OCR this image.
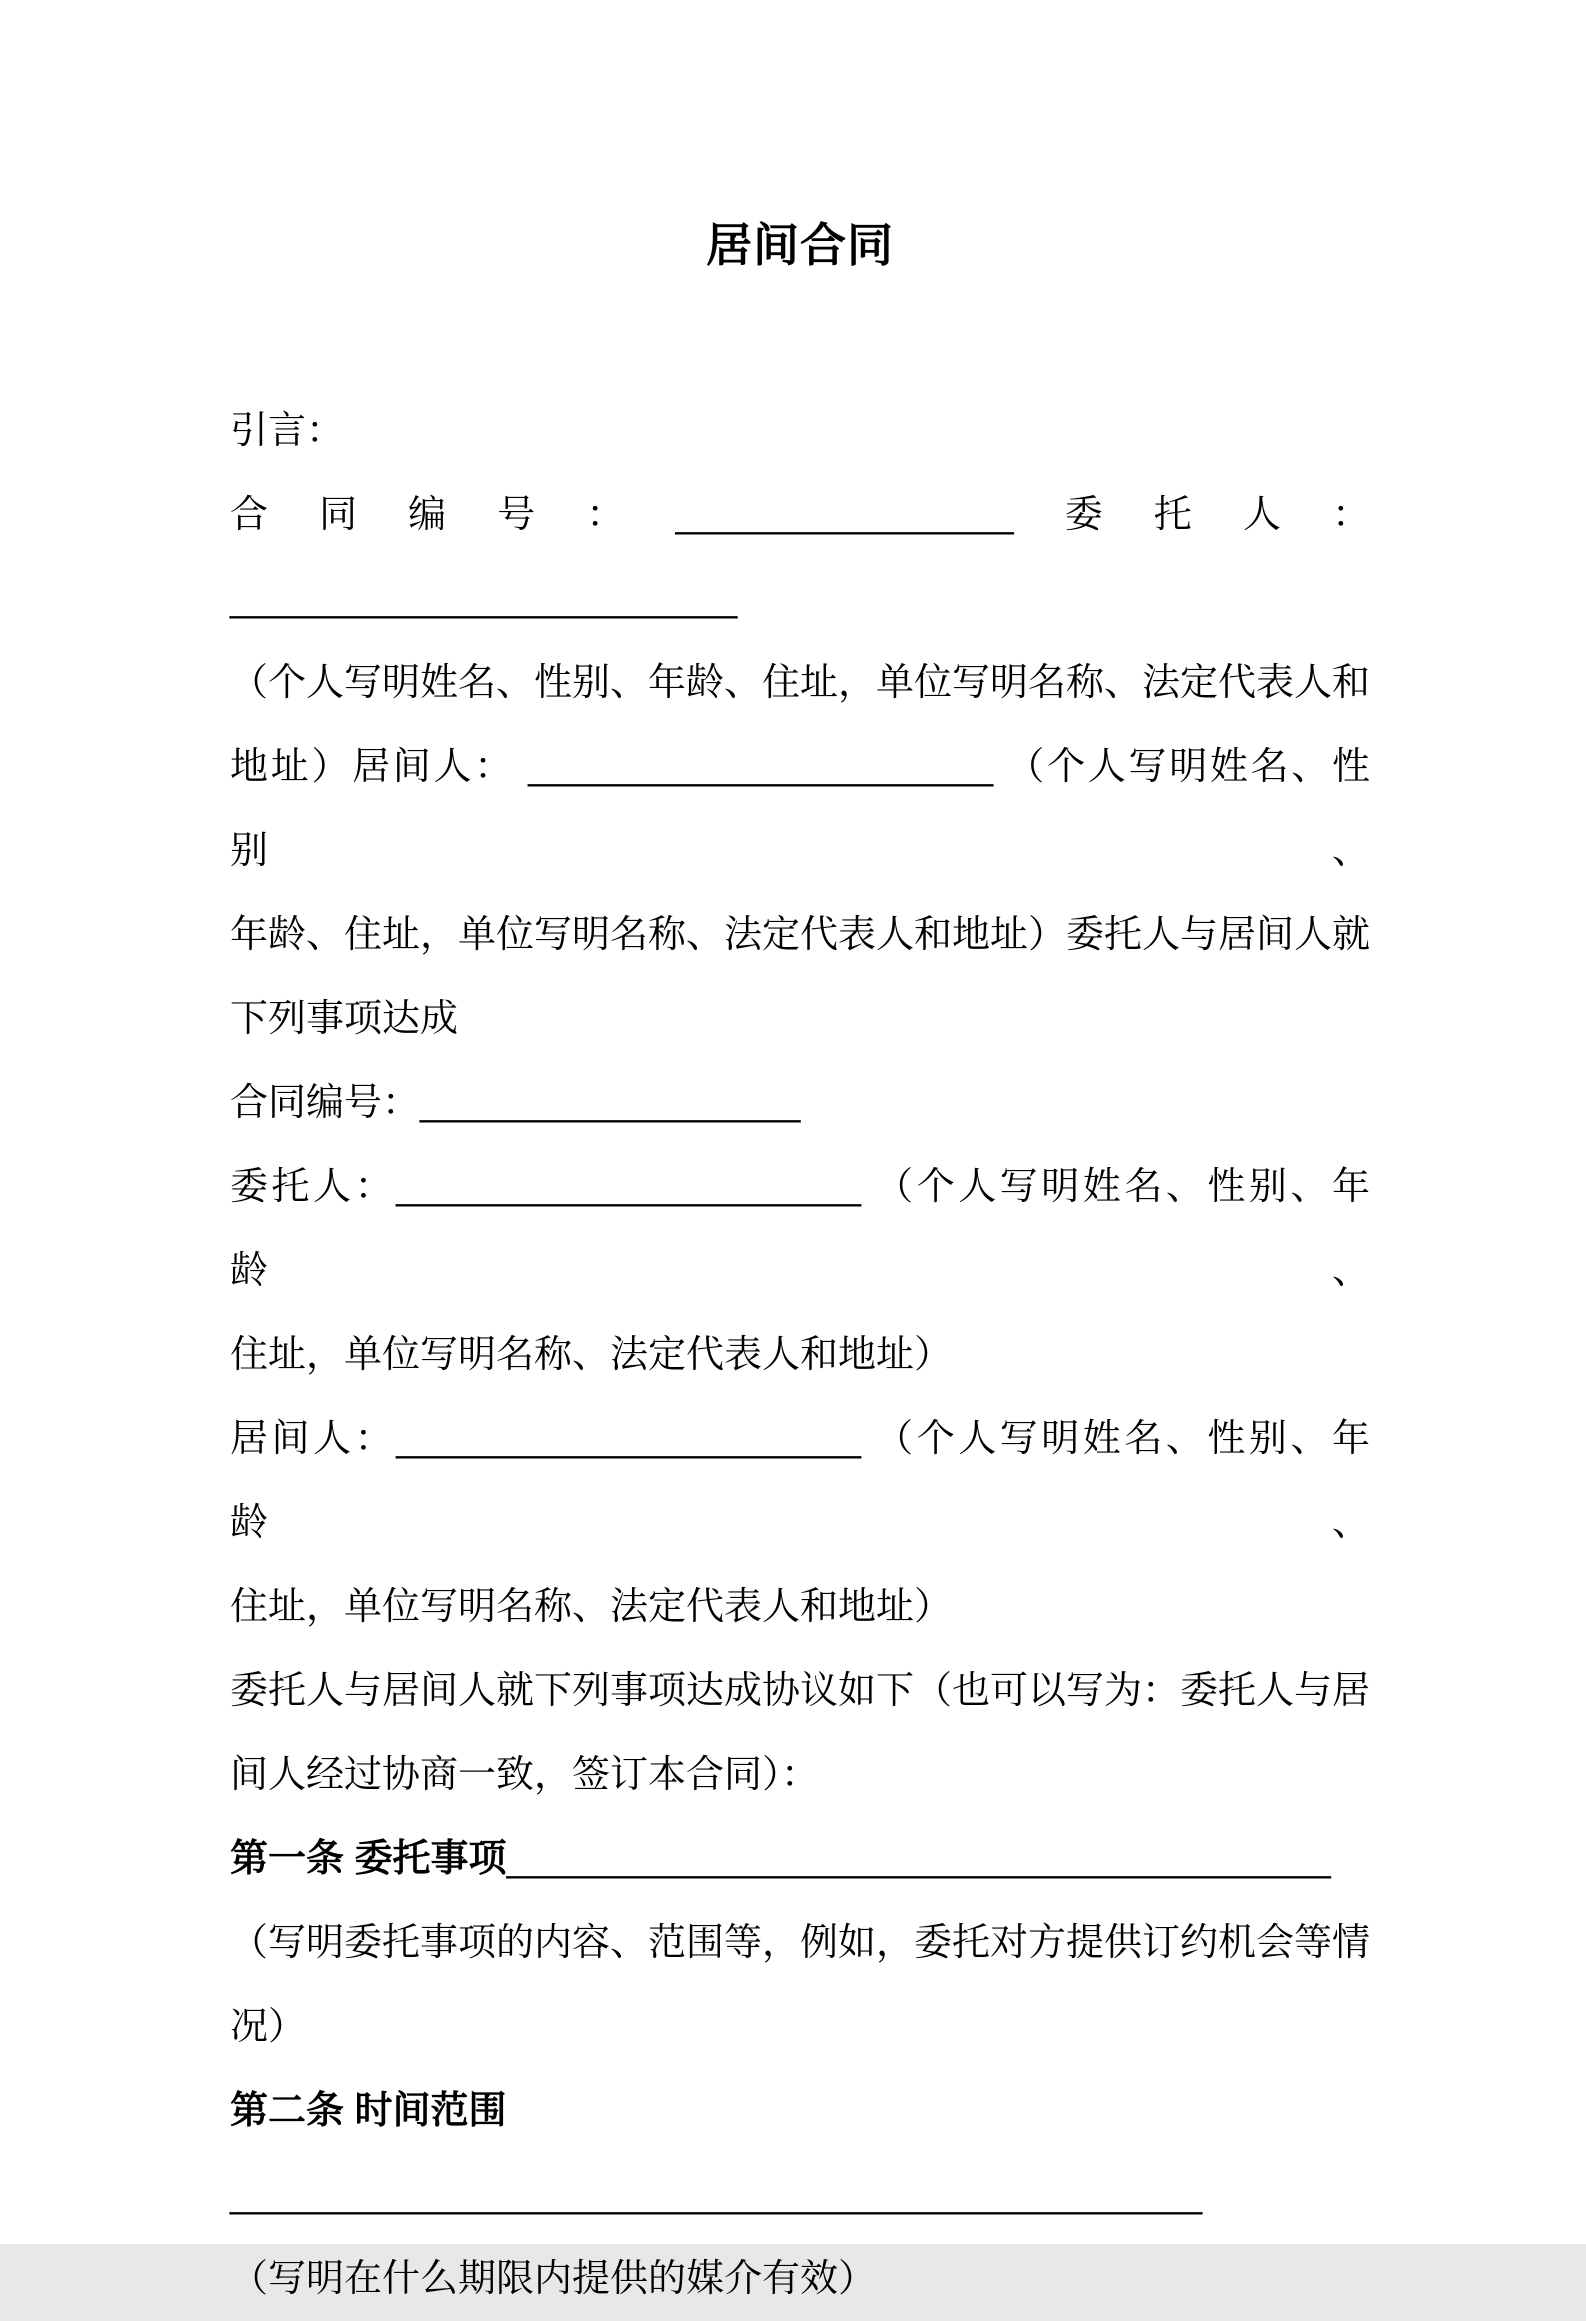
居间合同
引言：
合同编号：________________委托人：________________________
（个人写明姓名、性别、年龄、住址，单位写明名称、法定代表人和
地址）居间人： ______________________ （个人写明姓名、性别、
年龄、住址，单位写明名称、法定代表人和地址）委托人与居间人就
下列事项达成
合同编号：__________________
委托人：______________________ （个人写明姓名、性别、年龄、
住址，单位写明名称、法定代表人和地址）
居间人：______________________ （个人写明姓名、性别、年龄、
住址，单位写明名称、法定代表人和地址）
委托人与居间人就下列事项达成协议如下（也可以写为：委托人与居
间人经过协商一致，签订本合同）：
第一条 委托事项_______________________________________
（写明委托事项的内容、范围等，例如，委托对方提供订约机会等情
况）
第二条 时间范围
______________________________________________
（写明在什么期限内提供的媒介有效）
